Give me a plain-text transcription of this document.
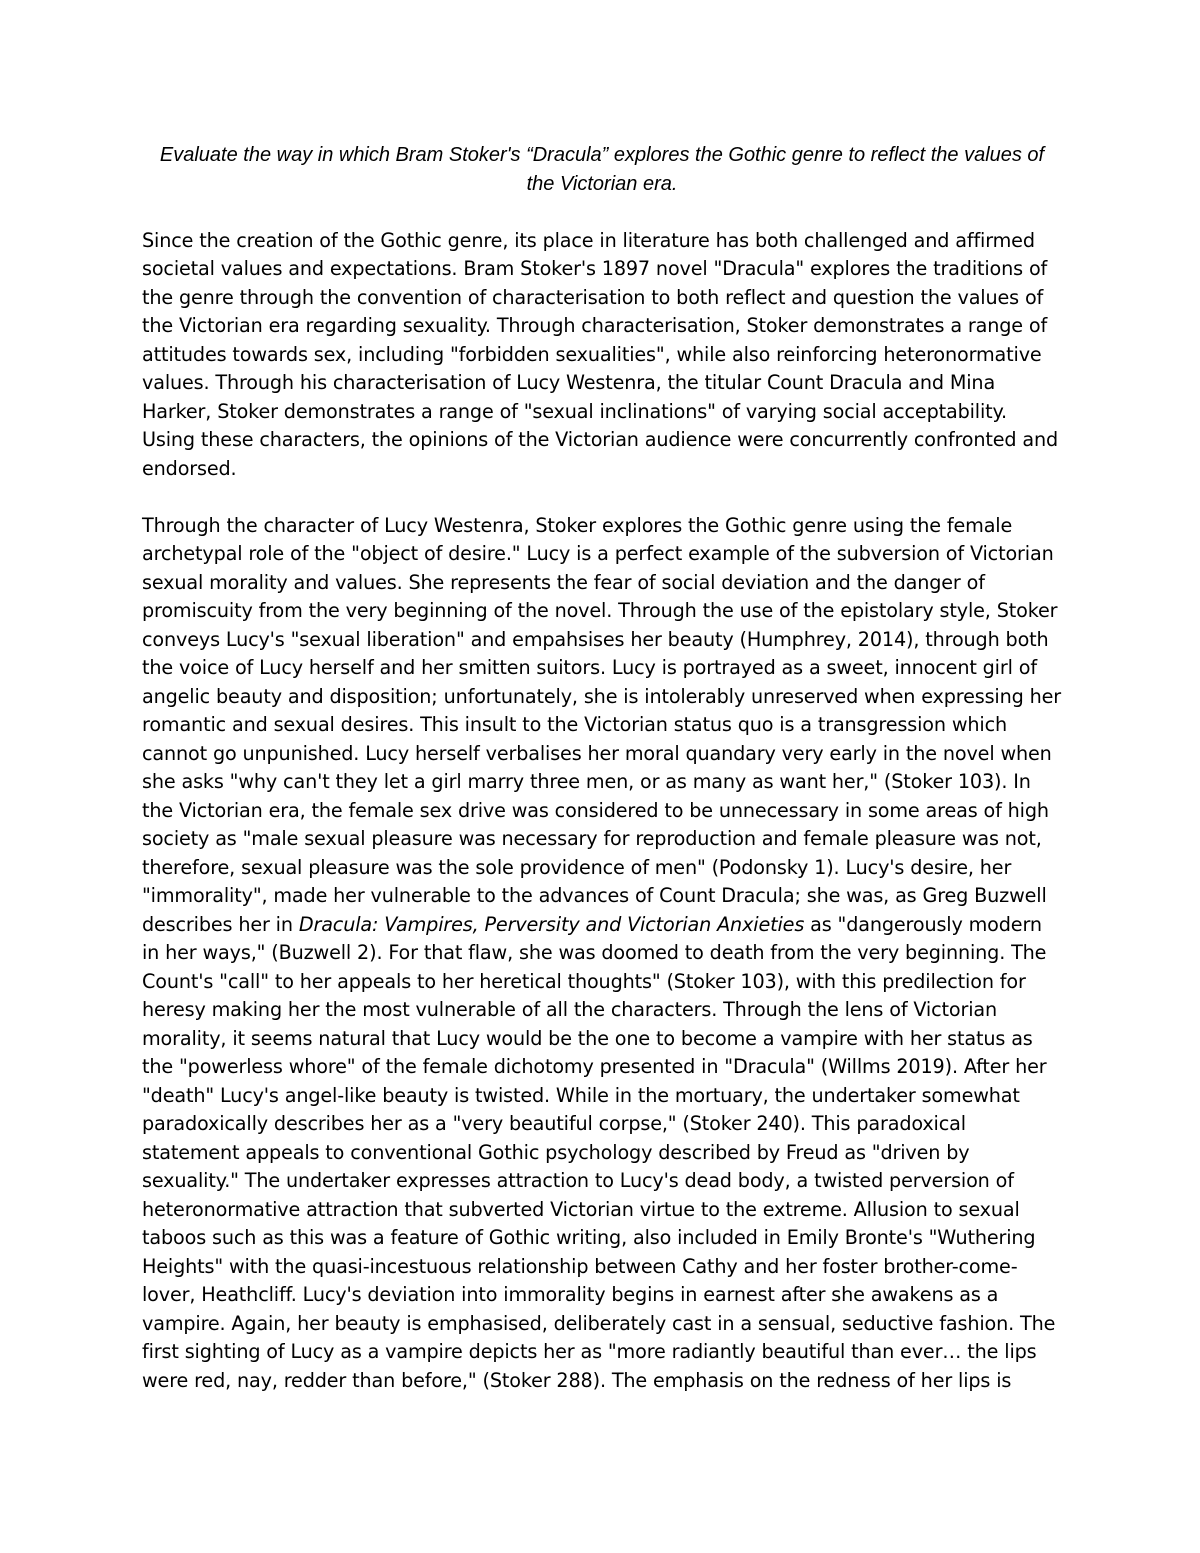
Evaluate the way in which Bram Stoker's “Dracula” explores the Gothic genre to reflect the values of the Victorian era.

Since the creation of the Gothic genre, its place in literature has both challenged and affirmed societal values and expectations. Bram Stoker's 1897 novel "Dracula" explores the traditions of the genre through the convention of characterisation to both reflect and question the values of the Victorian era regarding sexuality. Through characterisation, Stoker demonstrates a range of attitudes towards sex, including "forbidden sexualities", while also reinforcing heteronormative values. Through his characterisation of Lucy Westenra, the titular Count Dracula and Mina Harker, Stoker demonstrates a range of "sexual inclinations" of varying social acceptability. Using these characters, the opinions of the Victorian audience were concurrently confronted and endorsed.

Through the character of Lucy Westenra, Stoker explores the Gothic genre using the female archetypal role of the "object of desire." Lucy is a perfect example of the subversion of Victorian sexual morality and values. She represents the fear of social deviation and the danger of promiscuity from the very beginning of the novel. Through the use of the epistolary style, Stoker conveys Lucy's "sexual liberation" and empahsises her beauty (Humphrey, 2014), through both the voice of Lucy herself and her smitten suitors. Lucy is portrayed as a sweet, innocent girl of angelic beauty and disposition; unfortunately, she is intolerably unreserved when expressing her romantic and sexual desires. This insult to the Victorian status quo is a transgression which cannot go unpunished. Lucy herself verbalises her moral quandary very early in the novel when she asks "why can't they let a girl marry three men, or as many as want her," (Stoker 103). In the Victorian era, the female sex drive was considered to be unnecessary in some areas of high society as "male sexual pleasure was necessary for reproduction and female pleasure was not, therefore, sexual pleasure was the sole providence of men" (Podonsky 1). Lucy's desire, her "immorality", made her vulnerable to the advances of Count Dracula; she was, as Greg Buzwell describes her in Dracula: Vampires, Perversity and Victorian Anxieties as "dangerously modern in her ways," (Buzwell 2). For that flaw, she was doomed to death from the very beginning. The Count's "call" to her appeals to her heretical thoughts" (Stoker 103), with this predilection for heresy making her the most vulnerable of all the characters. Through the lens of Victorian morality, it seems natural that Lucy would be the one to become a vampire with her status as the "powerless whore" of the female dichotomy presented in "Dracula" (Willms 2019). After her "death" Lucy's angel-like beauty is twisted. While in the mortuary, the undertaker somewhat paradoxically describes her as a "very beautiful corpse," (Stoker 240). This paradoxical statement appeals to conventional Gothic psychology described by Freud as "driven by sexuality." The undertaker expresses attraction to Lucy's dead body, a twisted perversion of heteronormative attraction that subverted Victorian virtue to the extreme. Allusion to sexual taboos such as this was a feature of Gothic writing, also included in Emily Bronte's "Wuthering Heights" with the quasi-incestuous relationship between Cathy and her foster brother-come-lover, Heathcliff. Lucy's deviation into immorality begins in earnest after she awakens as a vampire. Again, her beauty is emphasised, deliberately cast in a sensual, seductive fashion. The first sighting of Lucy as a vampire depicts her as "more radiantly beautiful than ever… the lips were red, nay, redder than before," (Stoker 288). The emphasis on the redness of her lips is
